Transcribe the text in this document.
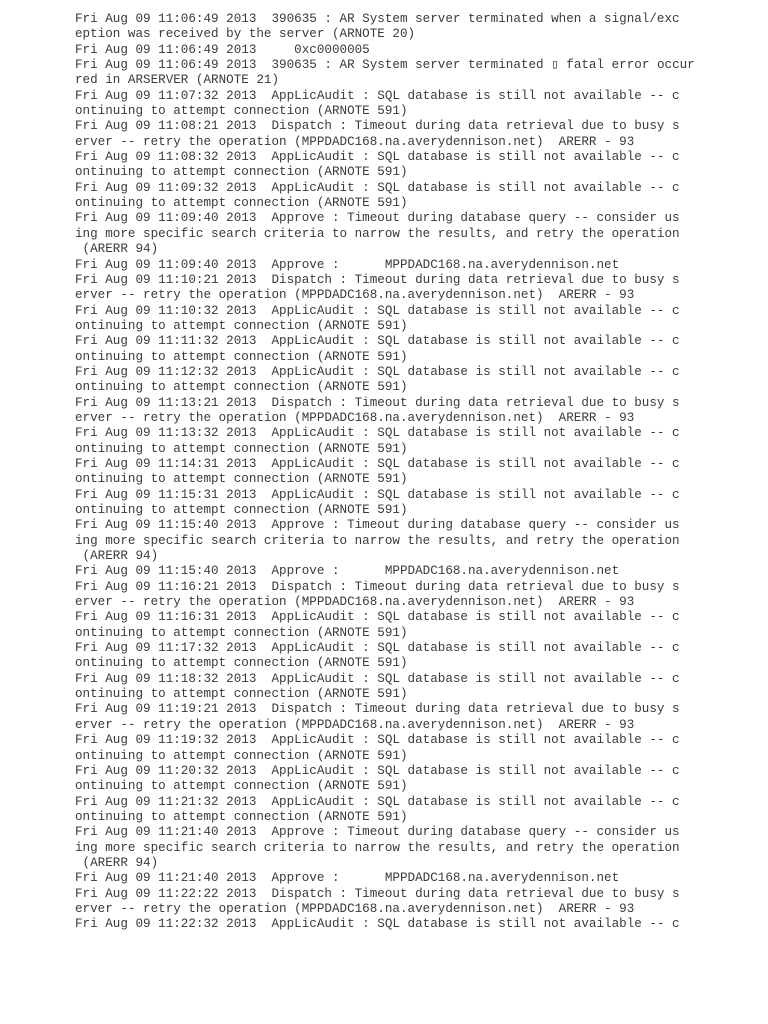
Fri Aug 09 11:06:49 2013  390635 : AR System server terminated when a signal/exc
eption was received by the server (ARNOTE 20)
Fri Aug 09 11:06:49 2013     0xc0000005
Fri Aug 09 11:06:49 2013  390635 : AR System server terminated ▯ fatal error occur
red in ARSERVER (ARNOTE 21)
Fri Aug 09 11:07:32 2013  AppLicAudit : SQL database is still not available -- c
ontinuing to attempt connection (ARNOTE 591)
Fri Aug 09 11:08:21 2013  Dispatch : Timeout during data retrieval due to busy s
erver -- retry the operation (MPPDADC168.na.averydennison.net)  ARERR - 93
Fri Aug 09 11:08:32 2013  AppLicAudit : SQL database is still not available -- c
ontinuing to attempt connection (ARNOTE 591)
Fri Aug 09 11:09:32 2013  AppLicAudit : SQL database is still not available -- c
ontinuing to attempt connection (ARNOTE 591)
Fri Aug 09 11:09:40 2013  Approve : Timeout during database query -- consider us
ing more specific search criteria to narrow the results, and retry the operation
(ARERR 94)
Fri Aug 09 11:09:40 2013  Approve :      MPPDADC168.na.averydennison.net
Fri Aug 09 11:10:21 2013  Dispatch : Timeout during data retrieval due to busy s
erver -- retry the operation (MPPDADC168.na.averydennison.net)  ARERR - 93
Fri Aug 09 11:10:32 2013  AppLicAudit : SQL database is still not available -- c
ontinuing to attempt connection (ARNOTE 591)
Fri Aug 09 11:11:32 2013  AppLicAudit : SQL database is still not available -- c
ontinuing to attempt connection (ARNOTE 591)
Fri Aug 09 11:12:32 2013  AppLicAudit : SQL database is still not available -- c
ontinuing to attempt connection (ARNOTE 591)
Fri Aug 09 11:13:21 2013  Dispatch : Timeout during data retrieval due to busy s
erver -- retry the operation (MPPDADC168.na.averydennison.net)  ARERR - 93
Fri Aug 09 11:13:32 2013  AppLicAudit : SQL database is still not available -- c
ontinuing to attempt connection (ARNOTE 591)
Fri Aug 09 11:14:31 2013  AppLicAudit : SQL database is still not available -- c
ontinuing to attempt connection (ARNOTE 591)
Fri Aug 09 11:15:31 2013  AppLicAudit : SQL database is still not available -- c
ontinuing to attempt connection (ARNOTE 591)
Fri Aug 09 11:15:40 2013  Approve : Timeout during database query -- consider us
ing more specific search criteria to narrow the results, and retry the operation
(ARERR 94)
Fri Aug 09 11:15:40 2013  Approve :      MPPDADC168.na.averydennison.net
Fri Aug 09 11:16:21 2013  Dispatch : Timeout during data retrieval due to busy s
erver -- retry the operation (MPPDADC168.na.averydennison.net)  ARERR - 93
Fri Aug 09 11:16:31 2013  AppLicAudit : SQL database is still not available -- c
ontinuing to attempt connection (ARNOTE 591)
Fri Aug 09 11:17:32 2013  AppLicAudit : SQL database is still not available -- c
ontinuing to attempt connection (ARNOTE 591)
Fri Aug 09 11:18:32 2013  AppLicAudit : SQL database is still not available -- c
ontinuing to attempt connection (ARNOTE 591)
Fri Aug 09 11:19:21 2013  Dispatch : Timeout during data retrieval due to busy s
erver -- retry the operation (MPPDADC168.na.averydennison.net)  ARERR - 93
Fri Aug 09 11:19:32 2013  AppLicAudit : SQL database is still not available -- c
ontinuing to attempt connection (ARNOTE 591)
Fri Aug 09 11:20:32 2013  AppLicAudit : SQL database is still not available -- c
ontinuing to attempt connection (ARNOTE 591)
Fri Aug 09 11:21:32 2013  AppLicAudit : SQL database is still not available -- c
ontinuing to attempt connection (ARNOTE 591)
Fri Aug 09 11:21:40 2013  Approve : Timeout during database query -- consider us
ing more specific search criteria to narrow the results, and retry the operation
(ARERR 94)
Fri Aug 09 11:21:40 2013  Approve :      MPPDADC168.na.averydennison.net
Fri Aug 09 11:22:22 2013  Dispatch : Timeout during data retrieval due to busy s
erver -- retry the operation (MPPDADC168.na.averydennison.net)  ARERR - 93
Fri Aug 09 11:22:32 2013  AppLicAudit : SQL database is still not available -- c
